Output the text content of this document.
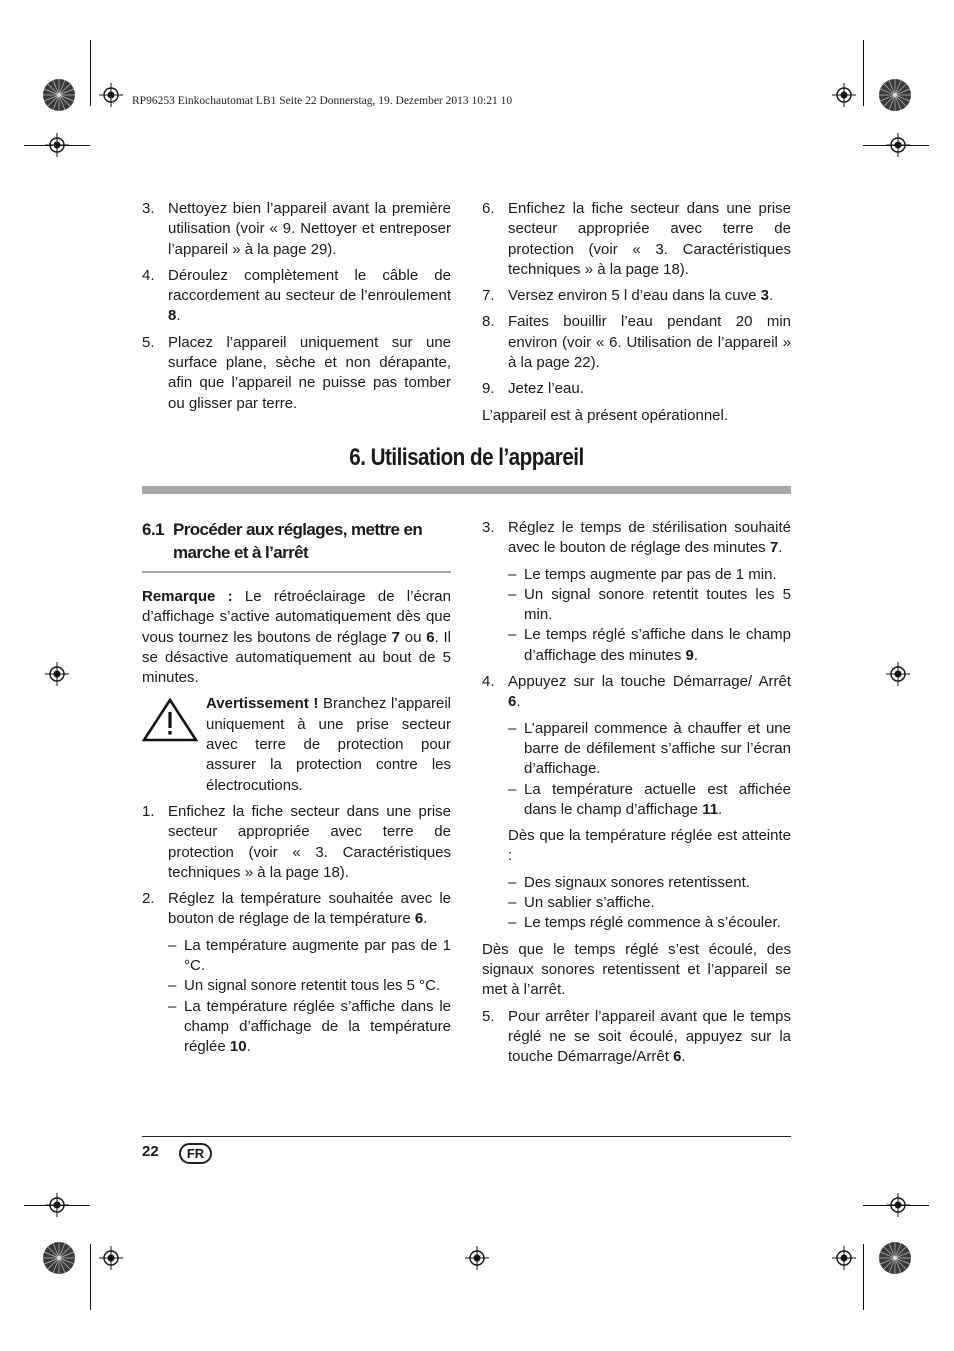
RP96253 Einkochautomat LB1 Seite 22 Donnerstag, 19. Dezember 2013 10:21 10
3. Nettoyez bien l’appareil avant la première utilisation (voir « 9. Nettoyer et entreposer l’appareil » à la page 29).
4. Déroulez complètement le câble de raccordement au secteur de l’enroulement 8.
5. Placez l’appareil uniquement sur une surface plane, sèche et non dérapante, afin que l’appareil ne puisse pas tomber ou glisser par terre.
6. Enfichez la fiche secteur dans une prise secteur appropriée avec terre de protection (voir « 3. Caractéristiques techniques » à la page 18).
7. Versez environ 5 l d’eau dans la cuve 3.
8. Faites bouillir l’eau pendant 20 min environ (voir « 6. Utilisation de l’appareil » à la page 22).
9. Jetez l’eau.
L’appareil est à présent opérationnel.
6. Utilisation de l’appareil
6.1 Procéder aux réglages, mettre en marche et à l’arrêt
Remarque : Le rétroéclairage de l’écran d’affichage s’active automatiquement dès que vous tournez les boutons de réglage 7 ou 6. Il se désactive automatiquement au bout de 5 minutes.
Avertissement ! Branchez l’appareil uniquement à une prise secteur avec terre de protection pour assurer la protection contre les électrocutions.
1. Enfichez la fiche secteur dans une prise secteur appropriée avec terre de protection (voir « 3. Caractéristiques techniques » à la page 18).
2. Réglez la température souhaitée avec le bouton de réglage de la température 6.
– La température augmente par pas de 1 °C.
– Un signal sonore retentit tous les 5 °C.
– La température réglée s’affiche dans le champ d’affichage de la température réglée 10.
3. Réglez le temps de stérilisation souhaité avec le bouton de réglage des minutes 7.
– Le temps augmente par pas de 1 min.
– Un signal sonore retentit toutes les 5 min.
– Le temps réglé s’affiche dans le champ d’affichage des minutes 9.
4. Appuyez sur la touche Démarrage/ Arrêt 6.
– L’appareil commence à chauffer et une barre de défilement s’affiche sur l’écran d’affichage.
– La température actuelle est affichée dans le champ d’affichage 11.
Dès que la température réglée est atteinte :
– Des signaux sonores retentissent.
– Un sablier s’affiche.
– Le temps réglé commence à s’écouler.
Dès que le temps réglé s’est écoulé, des signaux sonores retentissent et l’appareil se met à l’arrêt.
5. Pour arrêter l’appareil avant que le temps réglé ne se soit écoulé, appuyez sur la touche Démarrage/Arrêt 6.
22	FR
